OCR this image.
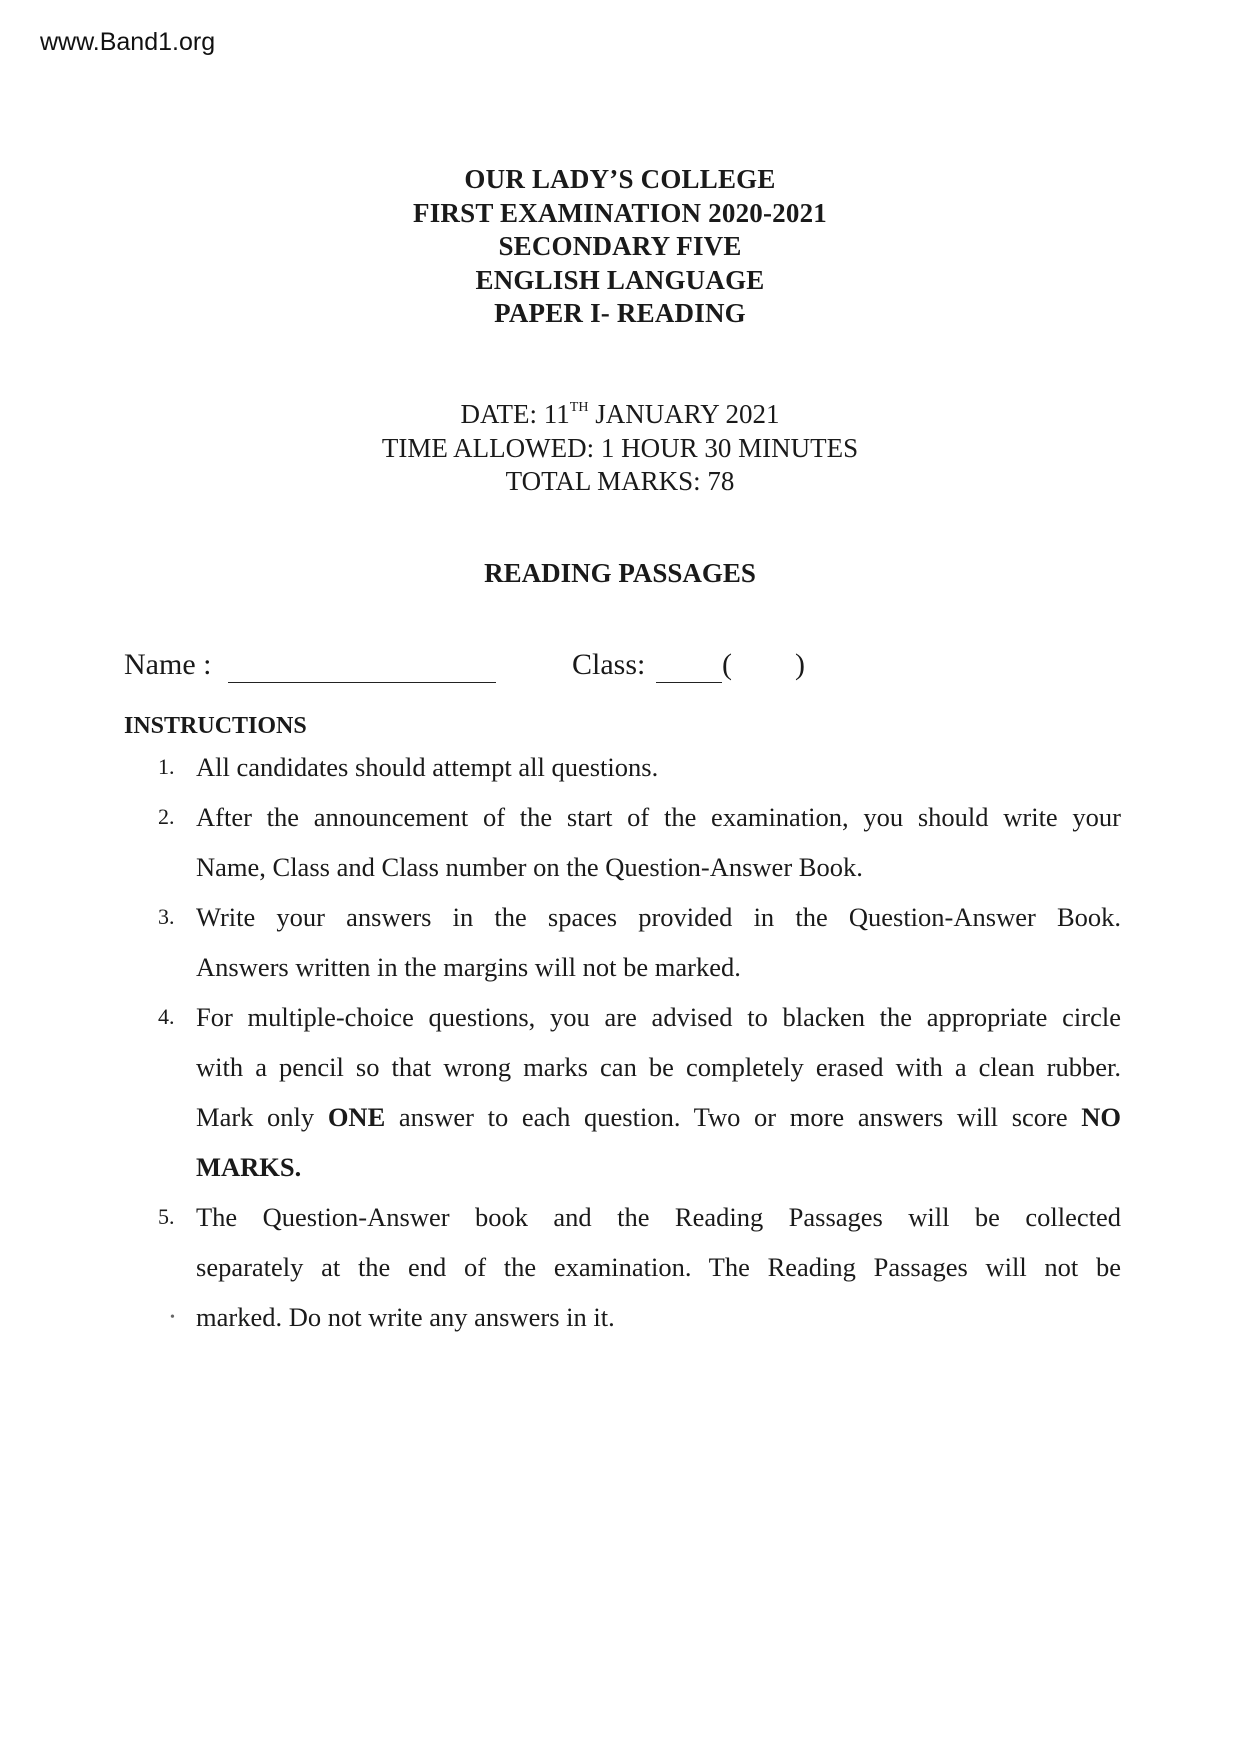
www.Band1.org
OUR LADY’S COLLEGE
FIRST EXAMINATION 2020-2021
SECONDARY FIVE
ENGLISH LANGUAGE
PAPER I- READING
DATE: 11TH JANUARY 2021
TIME ALLOWED: 1 HOUR 30 MINUTES
TOTAL MARKS: 78
READING PASSAGES
Name :	Class:	( )
INSTRUCTIONS
1. All candidates should attempt all questions.
2. After the announcement of the start of the examination, you should write your
Name, Class and Class number on the Question-Answer Book.
3. Write your answers in the spaces provided in the Question-Answer Book.
Answers written in the margins will not be marked.
4. For multiple-choice questions, you are advised to blacken the appropriate circle
with a pencil so that wrong marks can be completely erased with a clean rubber.
Mark only ONE answer to each question. Two or more answers will score NO
MARKS.
5. The Question-Answer book and the Reading Passages will be collected
separately at the end of the examination. The Reading Passages will not be
marked. Do not write any answers in it.
•
